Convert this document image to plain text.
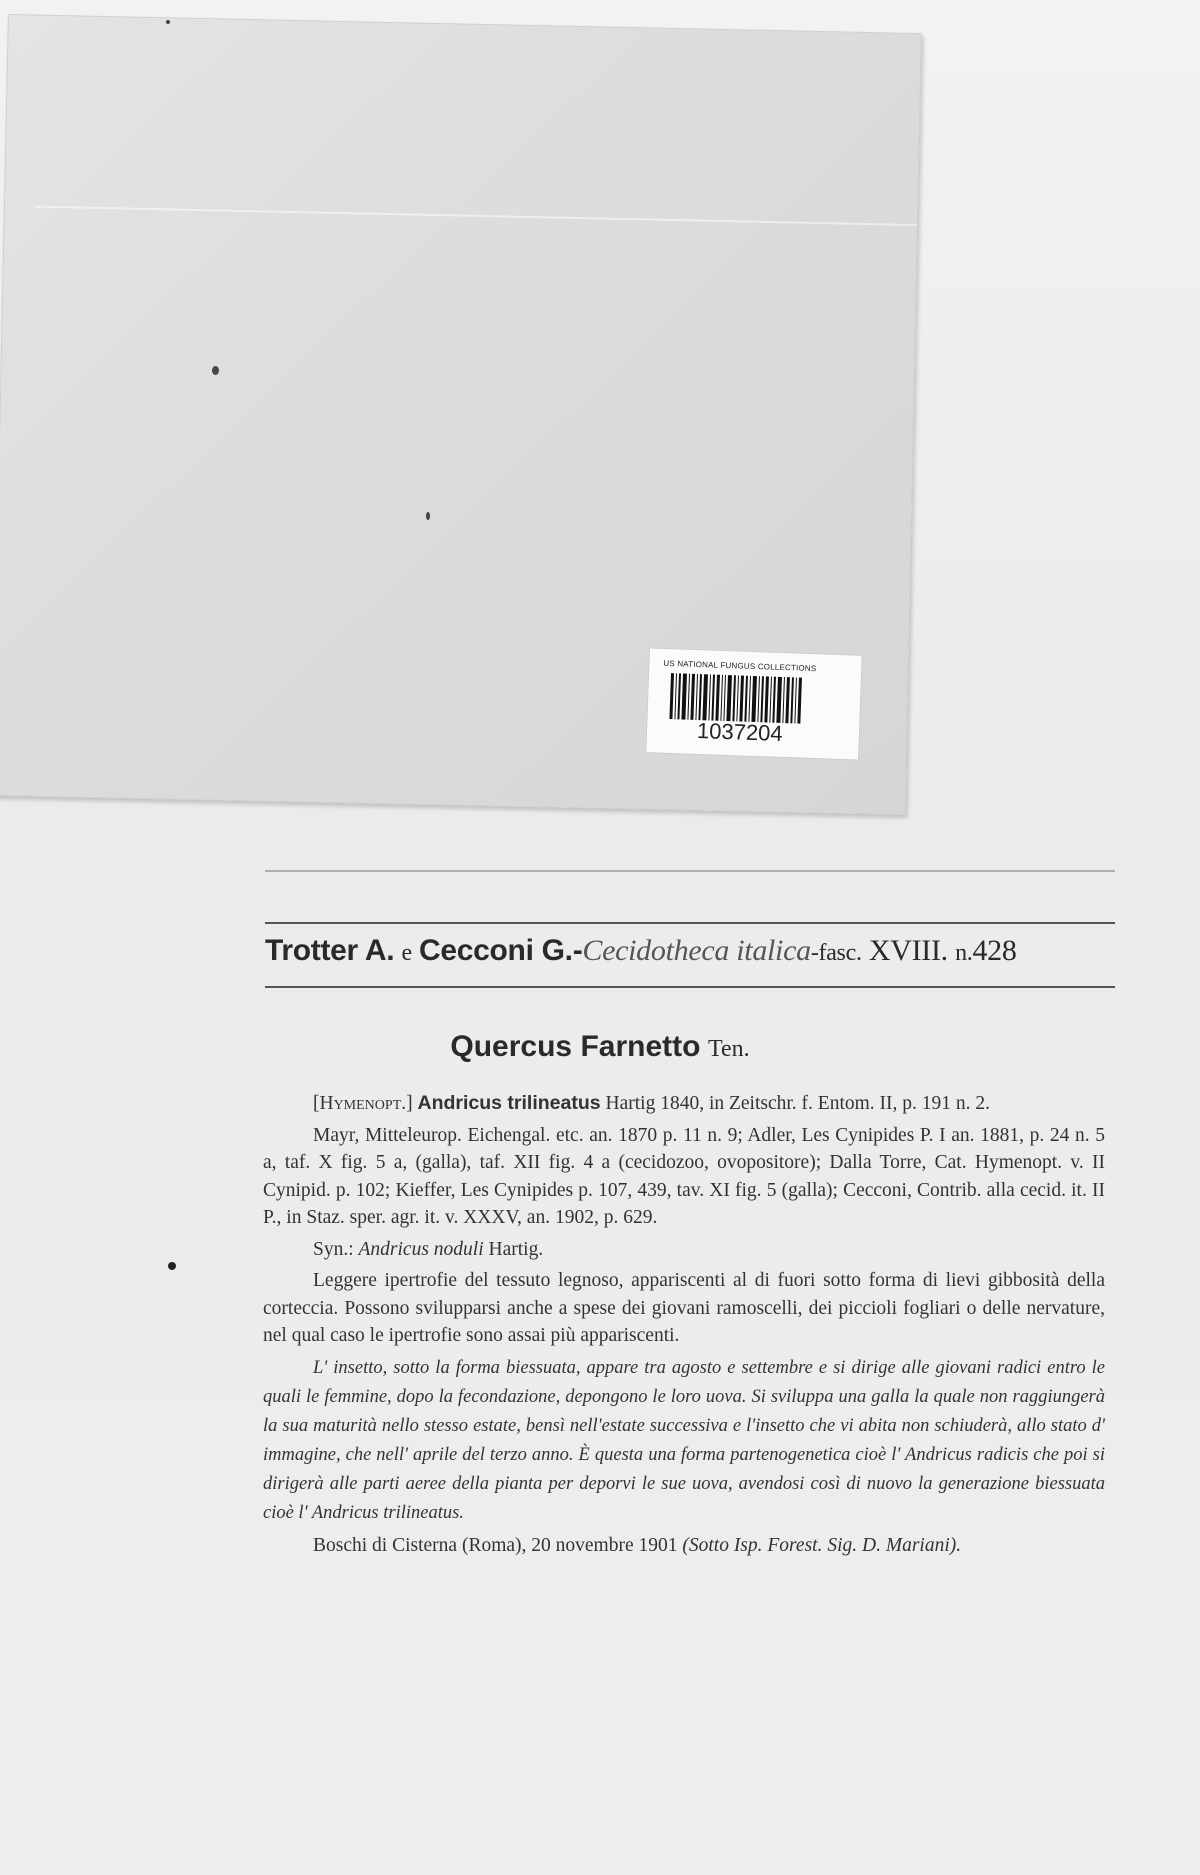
US NATIONAL FUNGUS COLLECTIONS
1037204
Trotter A. e Cecconi G.-Cecidotheca italica-fasc. XVIII. n.428
Quercus Farnetto Ten.

[Hymenopt.] Andricus trilineatus Hartig 1840, in Zeitschr. f. Entom. II, p. 191 n. 2.

Mayr, Mitteleurop. Eichengal. etc. an. 1870 p. 11 n. 9; Adler, Les Cynipides P. I an. 1881, p. 24 n. 5 a, taf. X fig. 5 a, (galla), taf. XII fig. 4 a (cecidozoo, ovopositore); Dalla Torre, Cat. Hymenopt. v. II Cynipid. p. 102; Kieffer, Les Cynipides p. 107, 439, tav. XI fig. 5 (galla); Cecconi, Contrib. alla cecid. it. II P., in Staz. sper. agr. it. v. XXXV, an. 1902, p. 629.

Syn.: Andricus noduli Hartig.

Leggere ipertrofie del tessuto legnoso, appariscenti al di fuori sotto forma di lievi gibbosità della corteccia. Possono svilupparsi anche a spese dei giovani ramoscelli, dei piccioli fogliari o delle nervature, nel qual caso le ipertrofie sono assai più appariscenti.

L' insetto, sotto la forma biessuata, appare tra agosto e settembre e si dirige alle giovani radici entro le quali le femmine, dopo la fecondazione, depongono le loro uova. Si sviluppa una galla la quale non raggiungerà la sua maturità nello stesso estate, bensì nell'estate successiva e l'insetto che vi abita non schiuderà, allo stato d' immagine, che nell' aprile del terzo anno. È questa una forma partenogenetica cioè l' Andricus radicis che poi si dirigerà alle parti aeree della pianta per deporvi le sue uova, avendosi così di nuovo la generazione biessuata cioè l' Andricus trilineatus.

Boschi di Cisterna (Roma), 20 novembre 1901 (Sotto Isp. Forest. Sig. D. Mariani).
